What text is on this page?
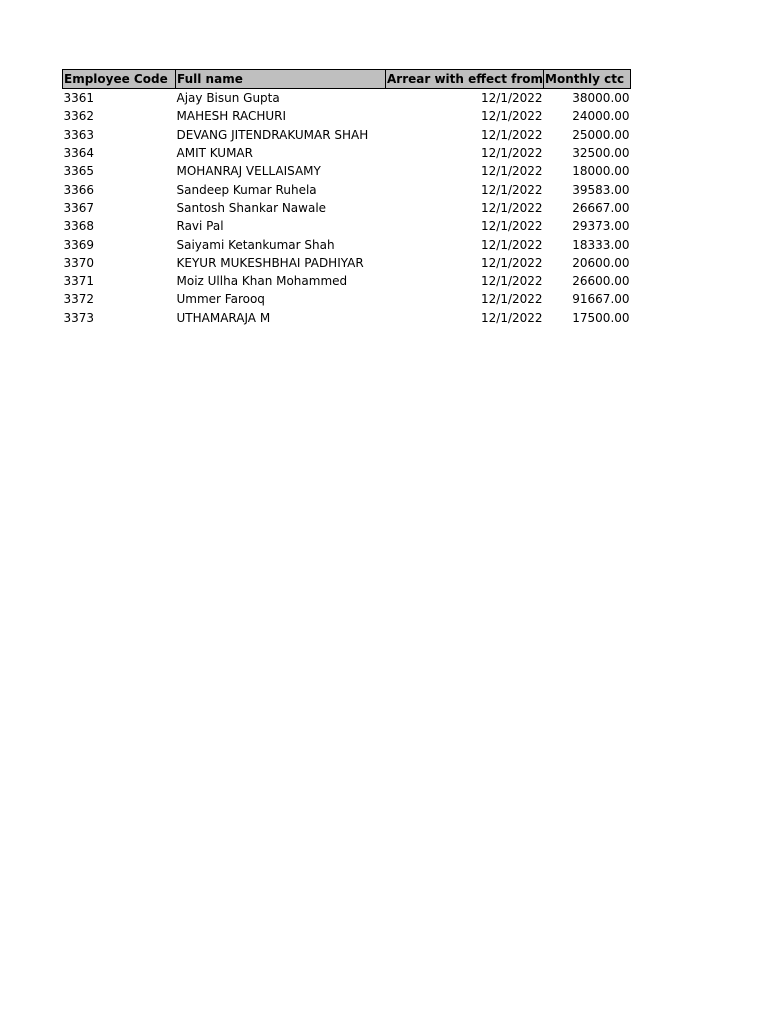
Employee Code	Full name	Arrear with effect from	Monthly ctc
3361	Ajay Bisun Gupta	12/1/2022	38000.00
3362	MAHESH RACHURI	12/1/2022	24000.00
3363	DEVANG JITENDRAKUMAR SHAH	12/1/2022	25000.00
3364	AMIT KUMAR	12/1/2022	32500.00
3365	MOHANRAJ VELLAISAMY	12/1/2022	18000.00
3366	Sandeep Kumar Ruhela	12/1/2022	39583.00
3367	Santosh Shankar Nawale	12/1/2022	26667.00
3368	Ravi Pal	12/1/2022	29373.00
3369	Saiyami Ketankumar Shah	12/1/2022	18333.00
3370	KEYUR MUKESHBHAI PADHIYAR	12/1/2022	20600.00
3371	Moiz Ullha Khan Mohammed	12/1/2022	26600.00
3372	Ummer Farooq	12/1/2022	91667.00
3373	UTHAMARAJA M	12/1/2022	17500.00
